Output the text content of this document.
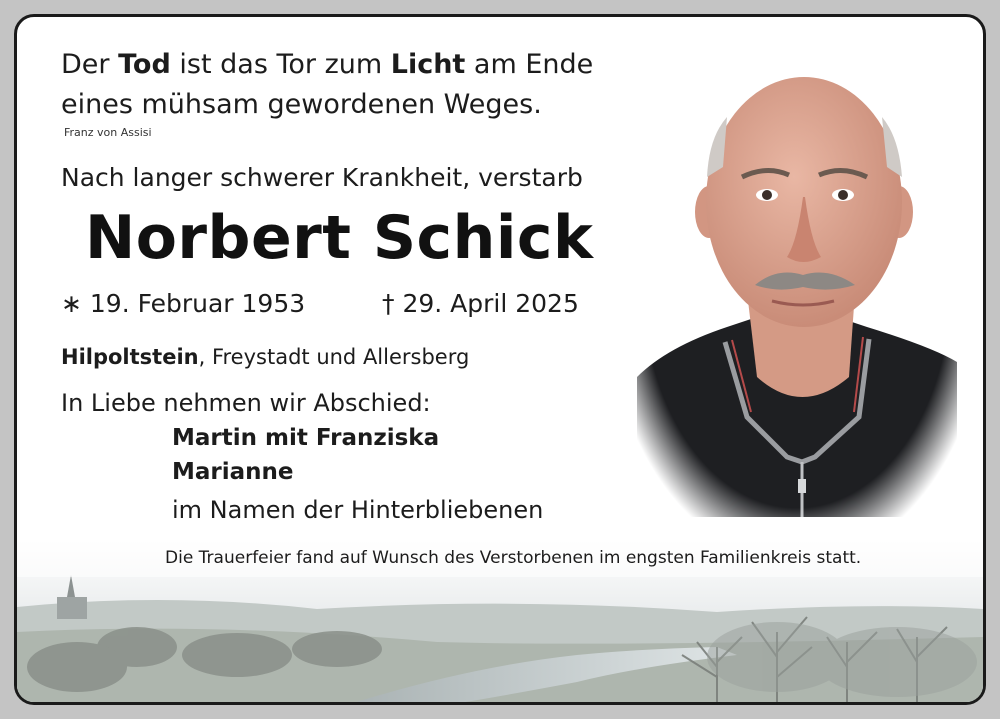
Der Tod ist das Tor zum Licht am Ende
eines mühsam gewordenen Weges.
Franz von Assisi
Nach langer schwerer Krankheit, verstarb
Norbert Schick
∗ 19. Februar 1953	† 29. April 2025
Hilpoltstein, Freystadt und Allersberg
In Liebe nehmen wir Abschied:
Martin mit Franziska
Marianne
im Namen der Hinterbliebenen
Die Trauerfeier fand auf Wunsch des Verstorbenen im engsten Familienkreis statt.
